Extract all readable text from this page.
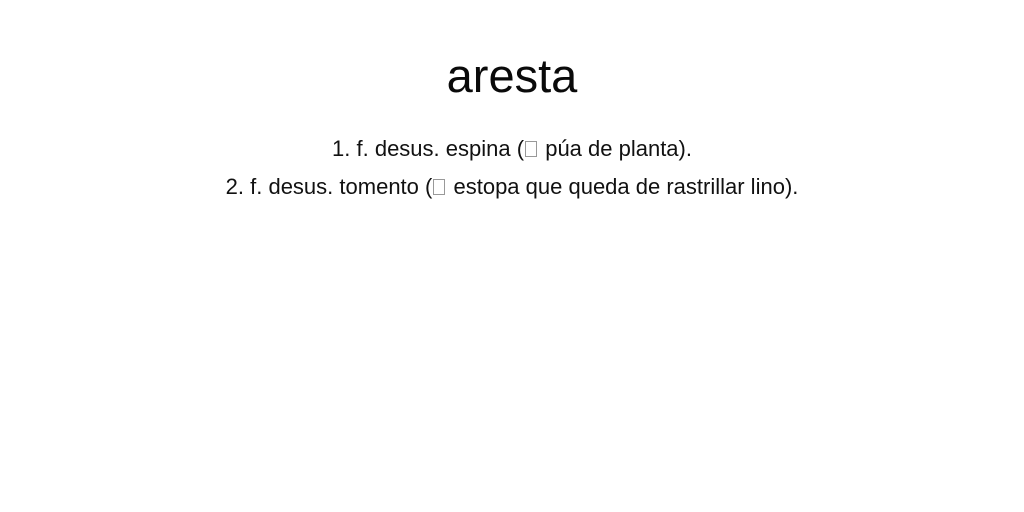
aresta
1. f. desus. espina ( púa de planta).
2. f. desus. tomento ( estopa que queda de rastrillar lino).
